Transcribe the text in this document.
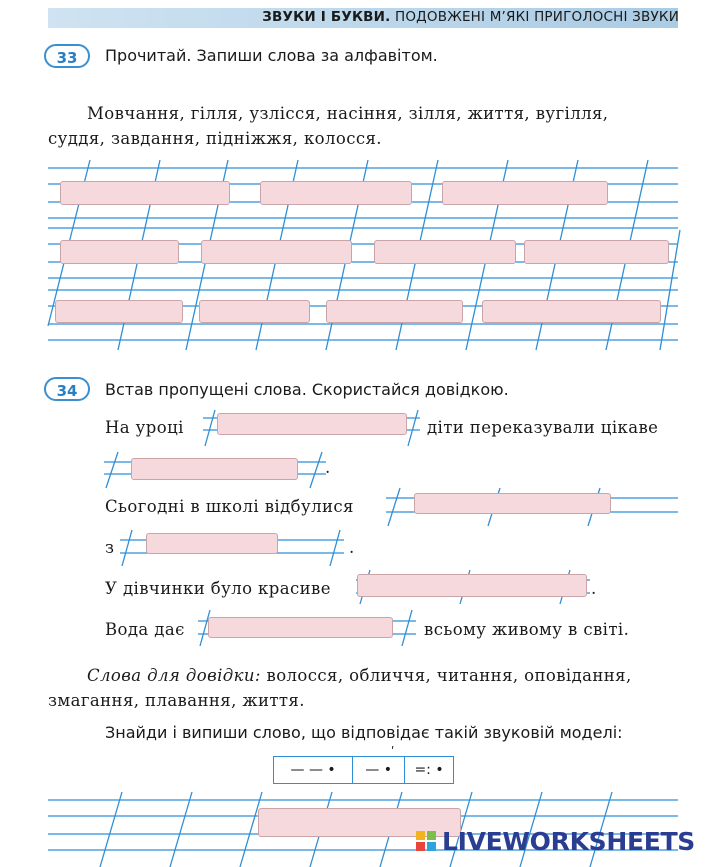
ЗВУКИ І БУКВИ. ПОДОВЖЕНІ М’ЯКІ ПРИГОЛОСНІ ЗВУКИ
33	Прочитай. Запиши слова за алфавітом.
Мовчання, гілля, узлісся, насіння, зілля, життя, вугілля,
суддя, завдання, підніжжя, колосся.
34	Встав пропущені слова. Скористайся довідкою.
На уроці	діти переказували цікаве
.
Сьогодні в школі відбулися
з	.
У дівчинки було красиве	.
Вода дає	всьому живому в світі.
Слова для довідки: волосся, обличчя, читання, оповідання,
змагання, плавання, життя.
Знайди і випиши слово, що відповідає такій звуковій моделі:
ʹ
— — •	— •	=: •
LIVEWORKSHEETS
